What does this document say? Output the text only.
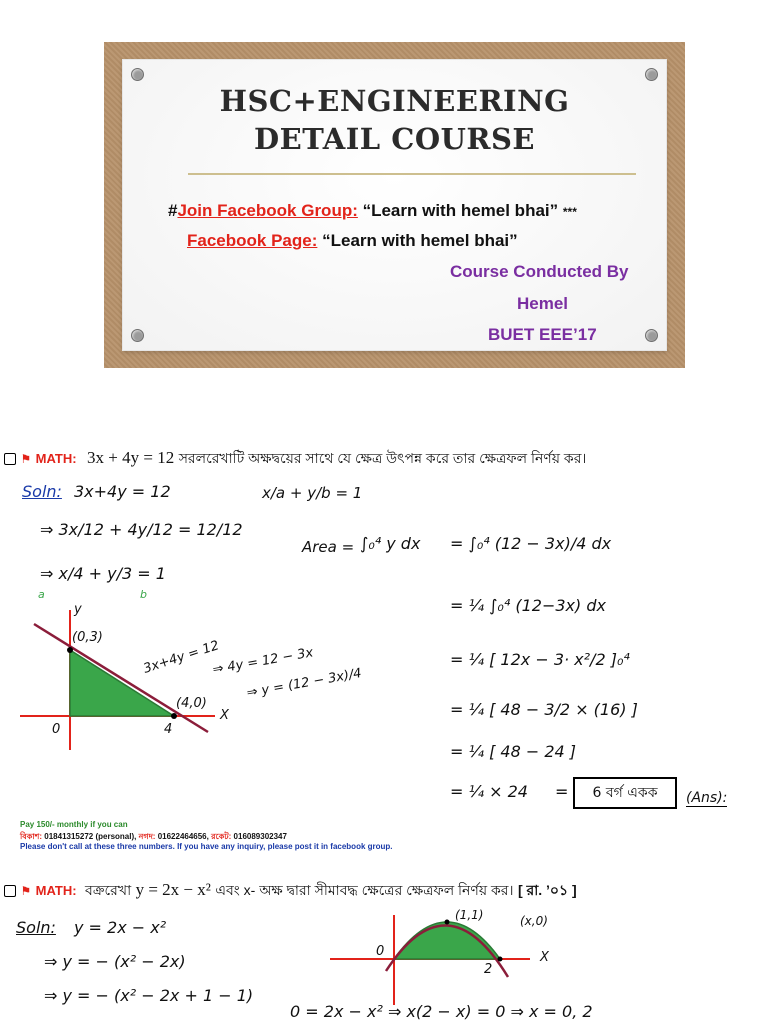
HSC+ENGINEERING
DETAIL COURSE
#Join Facebook Group: “Learn with hemel bhai” ***
Facebook Page: “Learn with hemel bhai”
Course Conducted By
Hemel
BUET EEE’17
⚑ MATH: 3x + 4y = 12 সরলরেখাটি অক্ষদ্বয়ের সাথে যে ক্ষেত্র উৎপন্ন করে তার ক্ষেত্রফল নির্ণয় কর।
Soln: 3x+4y = 12	x/a + y/b = 1
⇒ 3x/12 + 4y/12 = 12/12
⇒ x/4 + y/3 = 1
a	b
Area = ∫₀⁴ y dx = ∫₀⁴ (12 − 3x)/4 dx
= ¼ ∫₀⁴ (12−3x) dx
= ¼ [ 12x − 3· x²/2 ]₀⁴
= ¼ [ 48 − 3/2 × (16) ]
= ¼ [ 48 − 24 ]
= ¼ × 24 =	6 বর্গ একক	(Ans):
y
(0,3)
(4,0)
X
0	4
3x+4y = 12
⇒ 4y = 12 − 3x
⇒ y = (12 − 3x)/4
Pay 150/- monthly if you can
বিকাশ: 01841315272 (personal), নগদ: 01622464656, রকেট: 016089302347
Please don't call at these three numbers. If you have any inquiry, please post it in facebook group.
⚑ MATH: বক্ররেখা y = 2x − x² এবং x- অক্ষ দ্বারা সীমাবদ্ধ ক্ষেত্রের ক্ষেত্রফল নির্ণয় কর। [ রা. ’০১ ]
Soln: y = 2x − x²
⇒ y = − (x² − 2x)
⇒ y = − (x² − 2x + 1 − 1)
0 = 2x − x² ⇒ x(2 − x) = 0 ⇒ x = 0, 2
(1,1)	(x,0)
0
2
X
